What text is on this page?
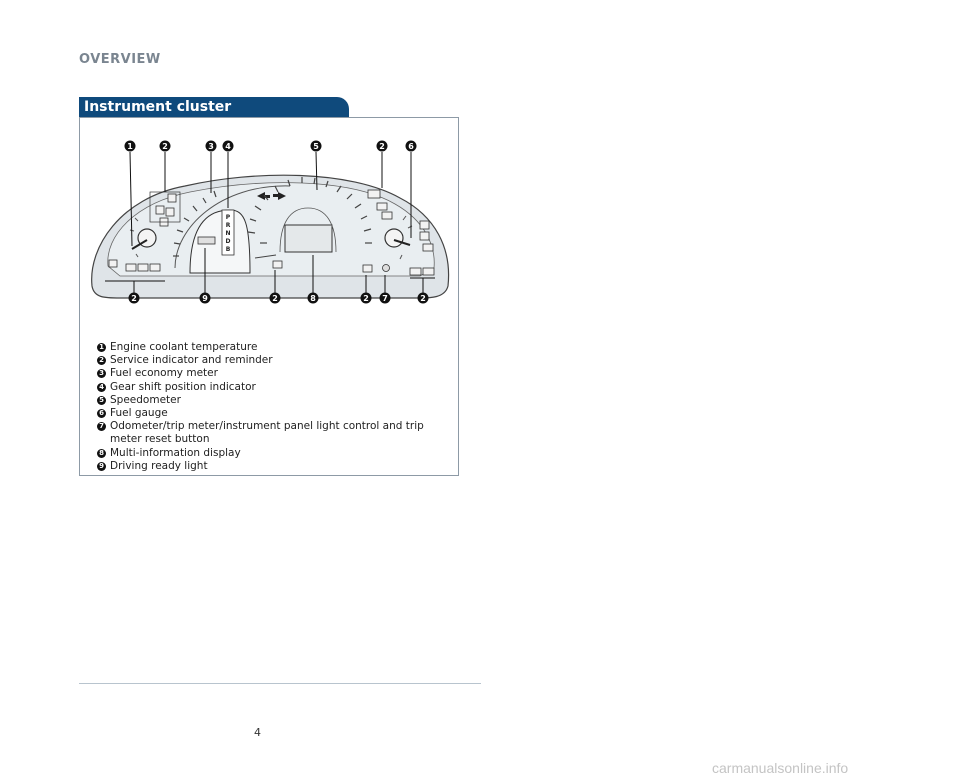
OVERVIEW
Instrument cluster
P
R
N
D
B
1	2	3 4	5	2	6
2	9	2	8	2 7	2
1 Engine coolant temperature
2 Service indicator and reminder
3 Fuel economy meter
4 Gear shift position indicator
5 Speedometer
6 Fuel gauge
7 Odometer/trip meter/instrument panel light control and trip meter reset button
8 Multi-information display
9 Driving ready light
4
carmanualsonline.info
